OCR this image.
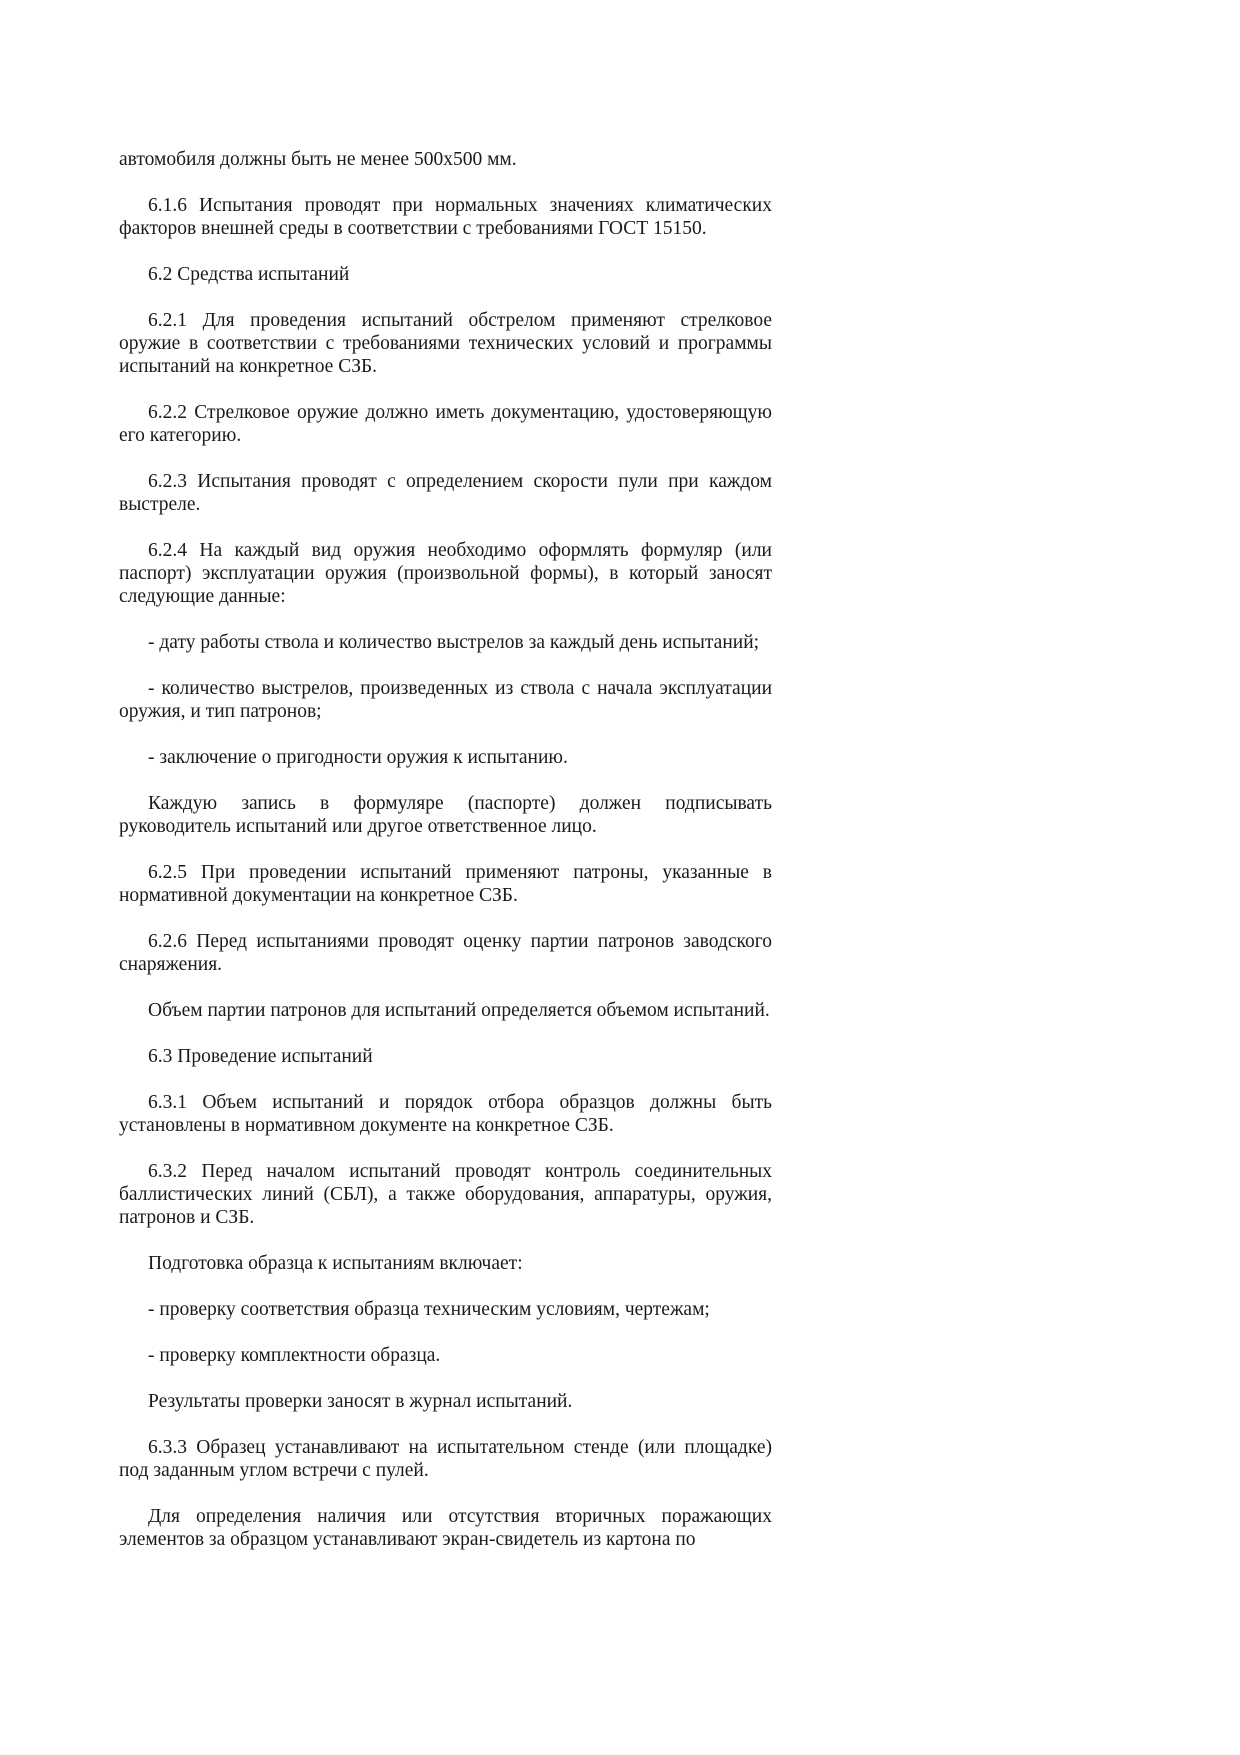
автомобиля должны быть не менее 500х500 мм.

6.1.6 Испытания проводят при нормальных значениях климатических факторов внешней среды в соответствии с требованиями ГОСТ 15150.

6.2 Средства испытаний

6.2.1 Для проведения испытаний обстрелом применяют стрелковое оружие в соответствии с требованиями технических условий и программы испытаний на конкретное СЗБ.

6.2.2 Стрелковое оружие должно иметь документацию, удостоверяющую его категорию.

6.2.3 Испытания проводят с определением скорости пули при каждом выстреле.

6.2.4 На каждый вид оружия необходимо оформлять формуляр (или паспорт) эксплуатации оружия (произвольной формы), в который заносят следующие данные:

- дату работы ствола и количество выстрелов за каждый день испытаний;

- количество выстрелов, произведенных из ствола с начала эксплуатации оружия, и тип патронов;

- заключение о пригодности оружия к испытанию.

Каждую запись в формуляре (паспорте) должен подписывать руководитель испытаний или другое ответственное лицо.

6.2.5 При проведении испытаний применяют патроны, указанные в нормативной документации на конкретное СЗБ.

6.2.6 Перед испытаниями проводят оценку партии патронов заводского снаряжения.

Объем партии патронов для испытаний определяется объемом испытаний.

6.3 Проведение испытаний

6.3.1 Объем испытаний и порядок отбора образцов должны быть установлены в нормативном документе на конкретное СЗБ.

6.3.2 Перед началом испытаний проводят контроль соединительных баллистических линий (СБЛ), а также оборудования, аппаратуры, оружия, патронов и СЗБ.

Подготовка образца к испытаниям включает:

- проверку соответствия образца техническим условиям, чертежам;

- проверку комплектности образца.

Результаты проверки заносят в журнал испытаний.

6.3.3 Образец устанавливают на испытательном стенде (или площадке) под заданным углом встречи с пулей.

Для определения наличия или отсутствия вторичных поражающих элементов за образцом устанавливают экран-свидетель из картона по
